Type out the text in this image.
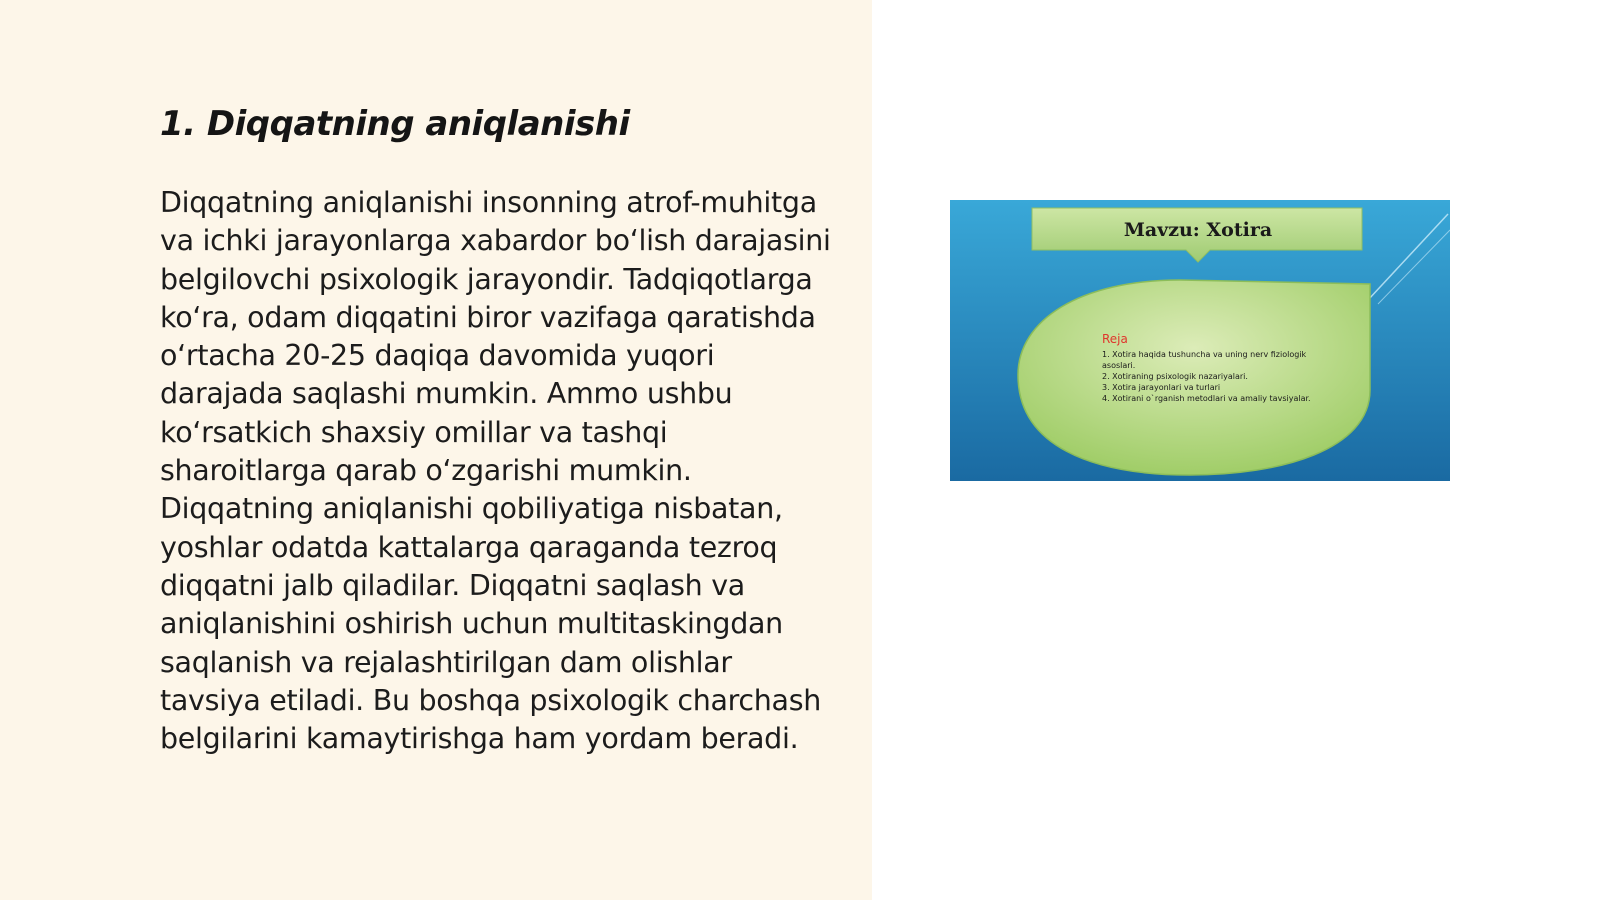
1. Diqqatning aniqlanishi

Diqqatning aniqlanishi insonning atrof-muhitga va ichki jarayonlarga xabardor bo‘lish darajasini belgilovchi psixologik jarayondir. Tadqiqotlarga ko‘ra, odam diqqatini biror vazifaga qaratishda o‘rtacha 20-25 daqiqa davomida yuqori darajada saqlashi mumkin. Ammo ushbu ko‘rsatkich shaxsiy omillar va tashqi sharoitlarga qarab o‘zgarishi mumkin. Diqqatning aniqlanishi qobiliyatiga nisbatan, yoshlar odatda kattalarga qaraganda tezroq diqqatni jalb qiladilar. Diqqatni saqlash va aniqlanishini oshirish uchun multitaskingdan saqlanish va rejalashtirilgan dam olishlar tavsiya etiladi. Bu boshqa psixologik charchash belgilarini kamaytirishga ham yordam beradi.

Mavzu: Xotira
Reja
1. Xotira haqida tushuncha va uning nerv fiziologik
asoslari.
2. Xotiraning psixologik nazariyalari.
3. Xotira jarayonlari va turlari
4. Xotirani o`rganish metodlari va amaliy tavsiyalar.
